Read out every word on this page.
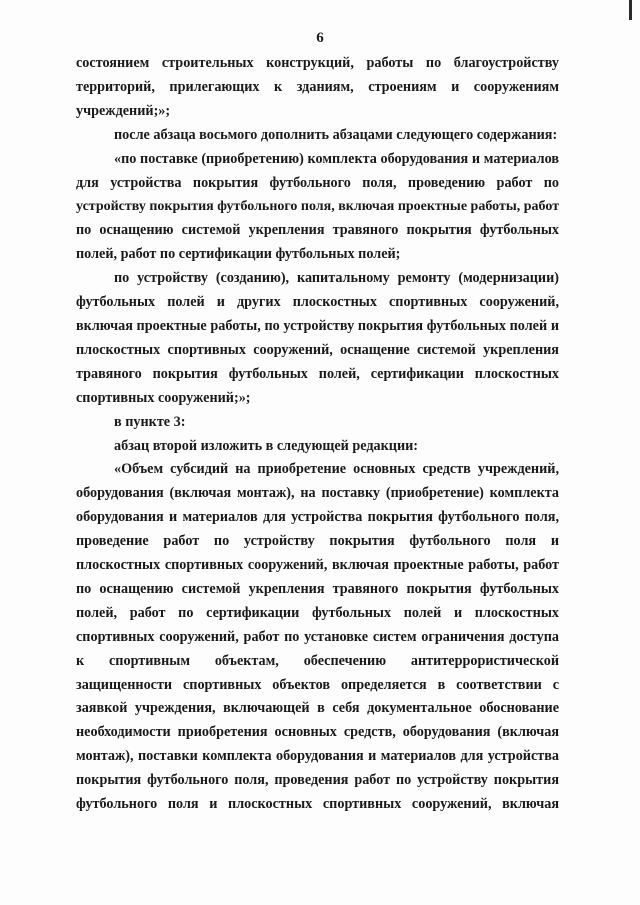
6

состоянием строительных конструкций, работы по благоустройству

территорий, прилегающих к зданиям, строениям и сооружениям

учреждений;»;

после абзаца восьмого дополнить абзацами следующего содержания:

«по поставке (приобретению) комплекта оборудования и материалов

для устройства покрытия футбольного поля, проведению работ по

устройству покрытия футбольного поля, включая проектные работы, работ

по оснащению системой укрепления травяного покрытия футбольных

полей, работ по сертификации футбольных полей;

по устройству (созданию), капитальному ремонту (модернизации)

футбольных полей и других плоскостных спортивных сооружений,

включая проектные работы, по устройству покрытия футбольных полей и

плоскостных спортивных сооружений, оснащение системой укрепления

травяного покрытия футбольных полей, сертификации плоскостных

спортивных сооружений;»;

в пункте 3:

абзац второй изложить в следующей редакции:

«Объем субсидий на приобретение основных средств учреждений,

оборудования (включая монтаж), на поставку (приобретение) комплекта

оборудования и материалов для устройства покрытия футбольного поля,

проведение работ по устройству покрытия футбольного поля и

плоскостных спортивных сооружений, включая проектные работы, работ

по оснащению системой укрепления травяного покрытия футбольных

полей, работ по сертификации футбольных полей и плоскостных

спортивных сооружений, работ по установке систем ограничения доступа

к спортивным объектам, обеспечению антитеррористической

защищенности спортивных объектов определяется в соответствии с

заявкой учреждения, включающей в себя документальное обоснование

необходимости приобретения основных средств, оборудования (включая

монтаж), поставки комплекта оборудования и материалов для устройства

покрытия футбольного поля, проведения работ по устройству покрытия

футбольного поля и плоскостных спортивных сооружений, включая
